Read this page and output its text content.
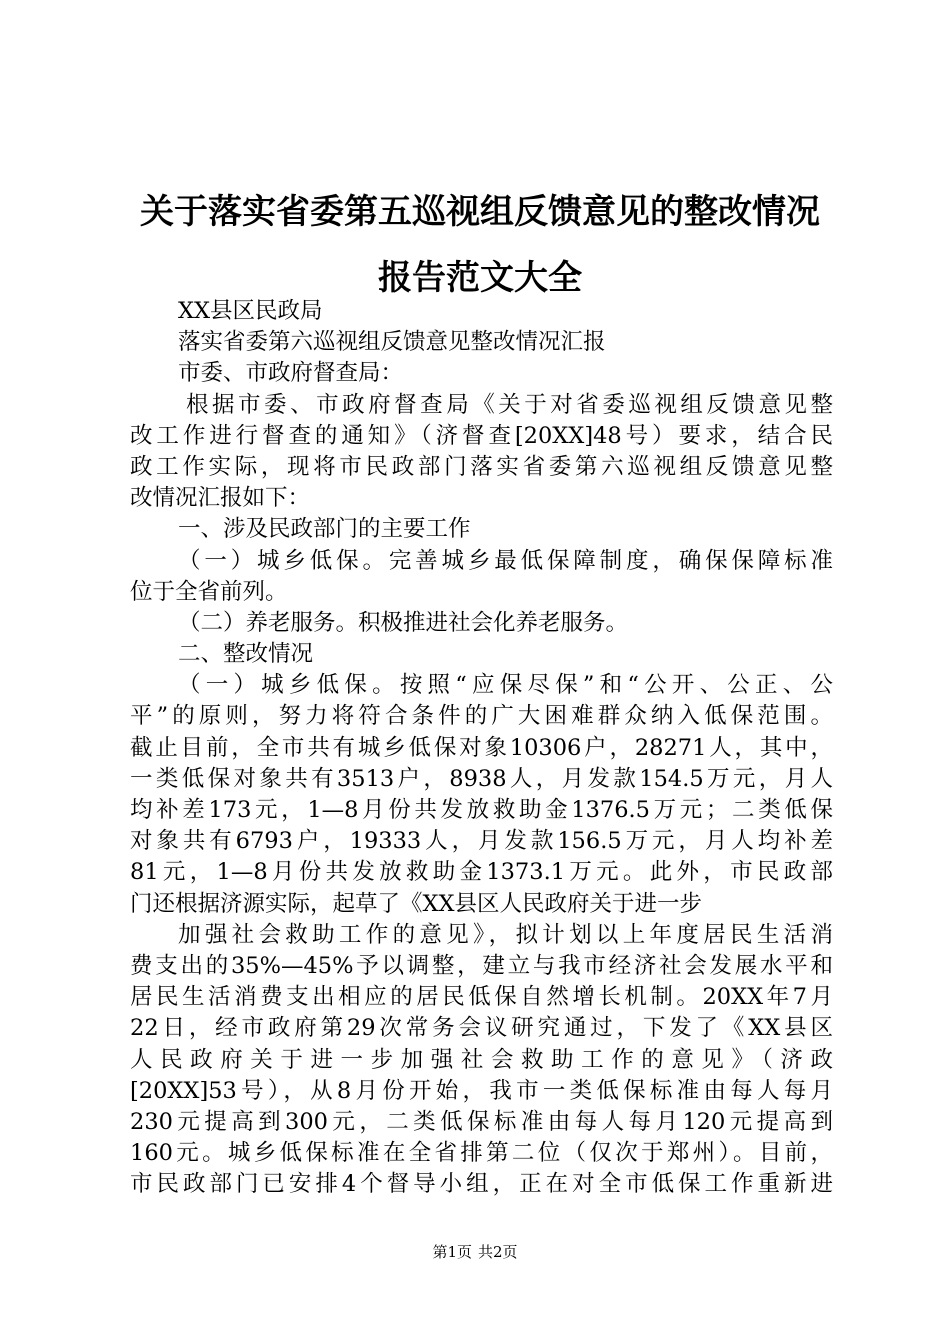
关于落实省委第五巡视组反馈意见的整改情况
报告范文大全
XX县区民政局
落实省委第六巡视组反馈意见整改情况汇报
市委、市政府督查局：
根据市委、市政府督查局《关于对省委巡视组反馈意见整
改工作进行督查的通知》（济督查[20XX]48号）要求，结合民
政工作实际，现将市民政部门落实省委第六巡视组反馈意见整
改情况汇报如下：
一、涉及民政部门的主要工作
（一）城乡低保。完善城乡最低保障制度，确保保障标准
位于全省前列。
（二）养老服务。积极推进社会化养老服务。
二、整改情况
（一）城乡低保。按照“应保尽保”和“公开、公正、公
平”的原则，努力将符合条件的广大困难群众纳入低保范围。
截止目前，全市共有城乡低保对象10306户，28271人，其中，
一类低保对象共有3513户，8938人，月发款154.5万元，月人
均补差173元，1—8月份共发放救助金1376.5万元；二类低保
对象共有6793户，19333人，月发款156.5万元，月人均补差
81元，1—8月份共发放救助金1373.1万元。此外，市民政部
门还根据济源实际，起草了《XX县区人民政府关于进一步
加强社会救助工作的意见》，拟计划以上年度居民生活消
费支出的35%—45%予以调整，建立与我市经济社会发展水平和
居民生活消费支出相应的居民低保自然增长机制。20XX年7月
22日，经市政府第29次常务会议研究通过，下发了《XX县区
人民政府关于进一步加强社会救助工作的意见》（济政
[20XX]53号），从8月份开始，我市一类低保标准由每人每月
230元提高到300元，二类低保标准由每人每月120元提高到
160元。城乡低保标准在全省排第二位（仅次于郑州）。目前，
市民政部门已安排4个督导小组，正在对全市低保工作重新进
第1页 共2页
